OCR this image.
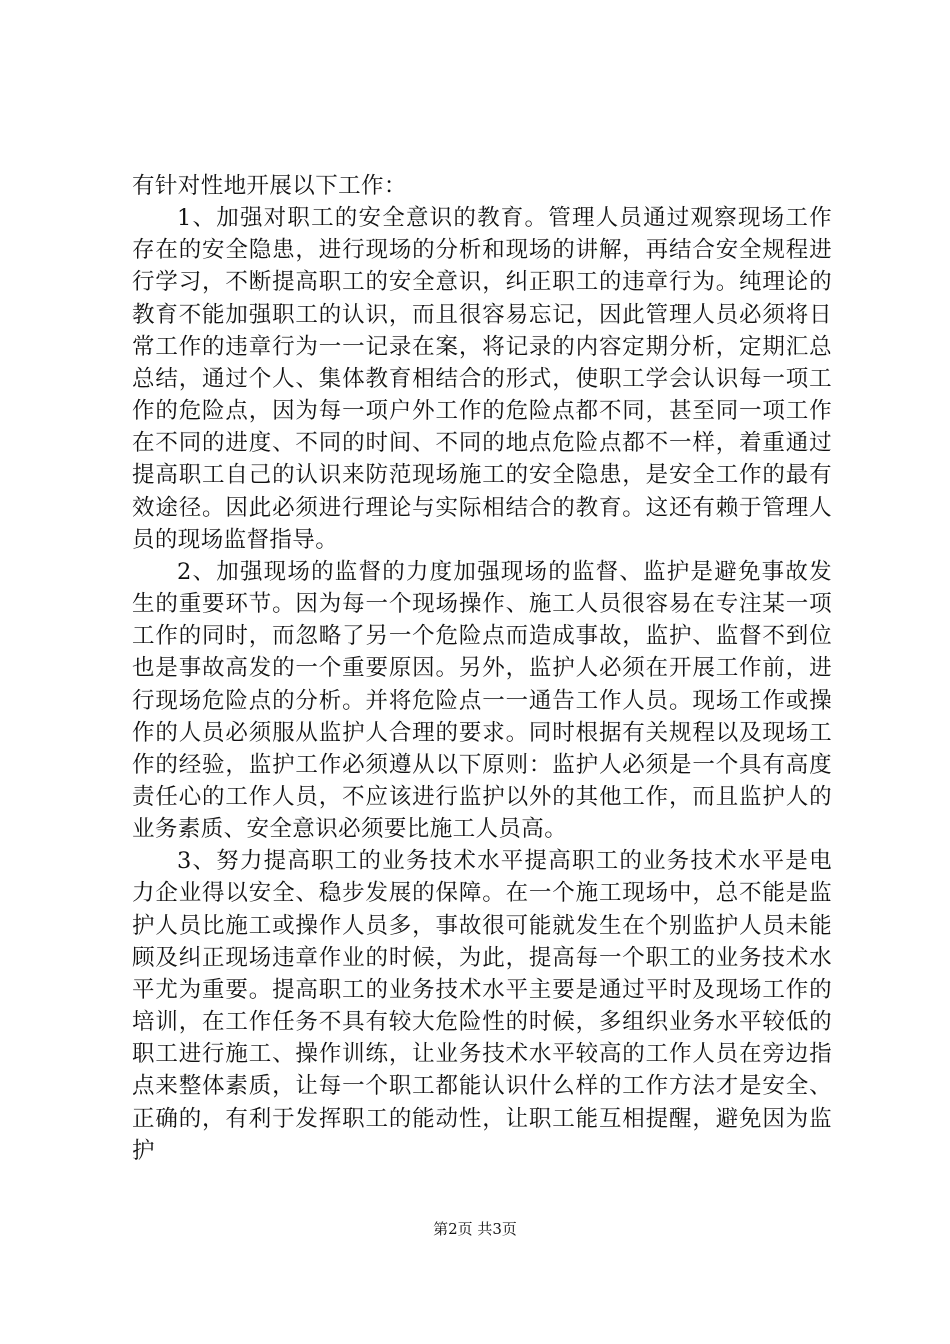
有针对性地开展以下工作：

1、加强对职工的安全意识的教育。管理人员通过观察现场工作存在的安全隐患，进行现场的分析和现场的讲解，再结合安全规程进行学习，不断提高职工的安全意识，纠正职工的违章行为。纯理论的教育不能加强职工的认识，而且很容易忘记，因此管理人员必须将日常工作的违章行为一一记录在案，将记录的内容定期分析，定期汇总总结，通过个人、集体教育相结合的形式，使职工学会认识每一项工作的危险点，因为每一项户外工作的危险点都不同，甚至同一项工作在不同的进度、不同的时间、不同的地点危险点都不一样，着重通过提高职工自己的认识来防范现场施工的安全隐患，是安全工作的最有效途径。因此必须进行理论与实际相结合的教育。这还有赖于管理人员的现场监督指导。

2、加强现场的监督的力度加强现场的监督、监护是避免事故发生的重要环节。因为每一个现场操作、施工人员很容易在专注某一项工作的同时，而忽略了另一个危险点而造成事故，监护、监督不到位也是事故高发的一个重要原因。另外，监护人必须在开展工作前，进行现场危险点的分析。并将危险点一一通告工作人员。现场工作或操作的人员必须服从监护人合理的要求。同时根据有关规程以及现场工作的经验，监护工作必须遵从以下原则：监护人必须是一个具有高度责任心的工作人员，不应该进行监护以外的其他工作，而且监护人的业务素质、安全意识必须要比施工人员高。

3、努力提高职工的业务技术水平提高职工的业务技术水平是电力企业得以安全、稳步发展的保障。在一个施工现场中，总不能是监护人员比施工或操作人员多，事故很可能就发生在个别监护人员未能顾及纠正现场违章作业的时候，为此，提高每一个职工的业务技术水平尤为重要。提高职工的业务技术水平主要是通过平时及现场工作的培训，在工作任务不具有较大危险性的时候，多组织业务水平较低的职工进行施工、操作训练，让业务技术水平较高的工作人员在旁边指点来整体素质，让每一个职工都能认识什么样的工作方法才是安全、正确的，有利于发挥职工的能动性，让职工能互相提醒，避免因为监护

第2页 共3页
